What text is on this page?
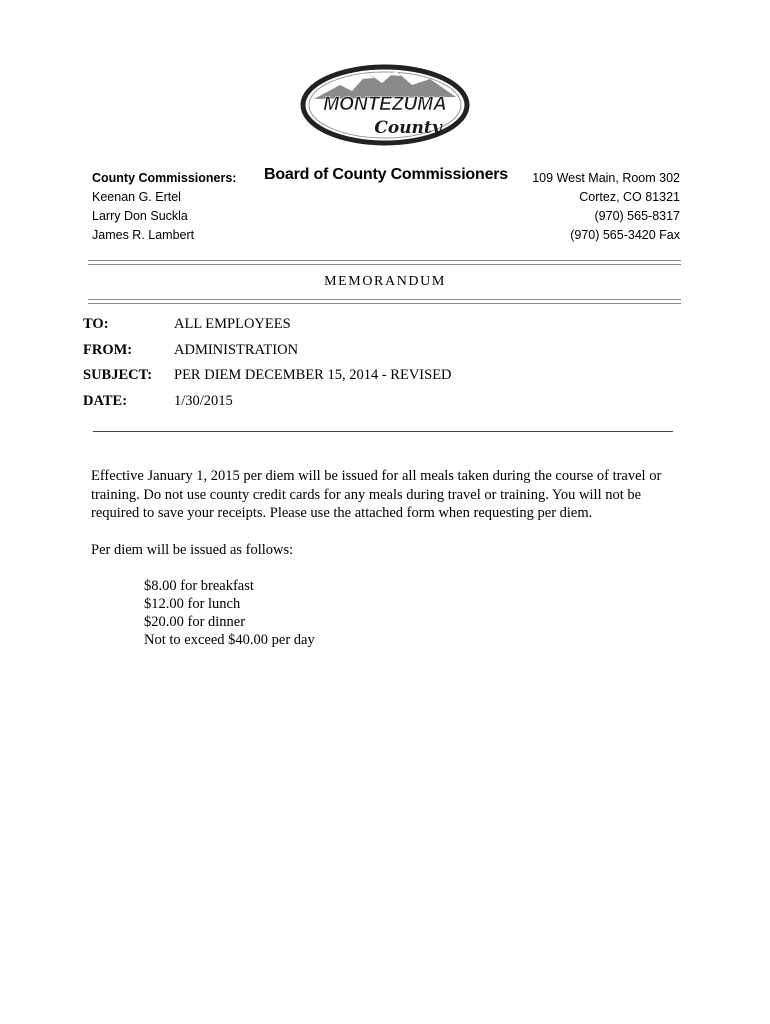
MONTEZUMA
County
County Commissioners:
Keenan G. Ertel
Larry Don Suckla
James R. Lambert
Board of County Commissioners 109 West Main, Room 302
Cortez, CO 81321
(970) 565-8317
(970) 565-3420 Fax
MEMORANDUM
TO:	ALL EMPLOYEES
FROM:	ADMINISTRATION
SUBJECT:	PER DIEM DECEMBER 15, 2014 - REVISED
DATE:	1/30/2015

Effective January 1, 2015 per diem will be issued for all meals taken during the course of travel or training. Do not use county credit cards for any meals during travel or training. You will not be required to save your receipts. Please use the attached form when requesting per diem.

Per diem will be issued as follows:

$8.00 for breakfast
$12.00 for lunch
$20.00 for dinner
Not to exceed $40.00 per day
